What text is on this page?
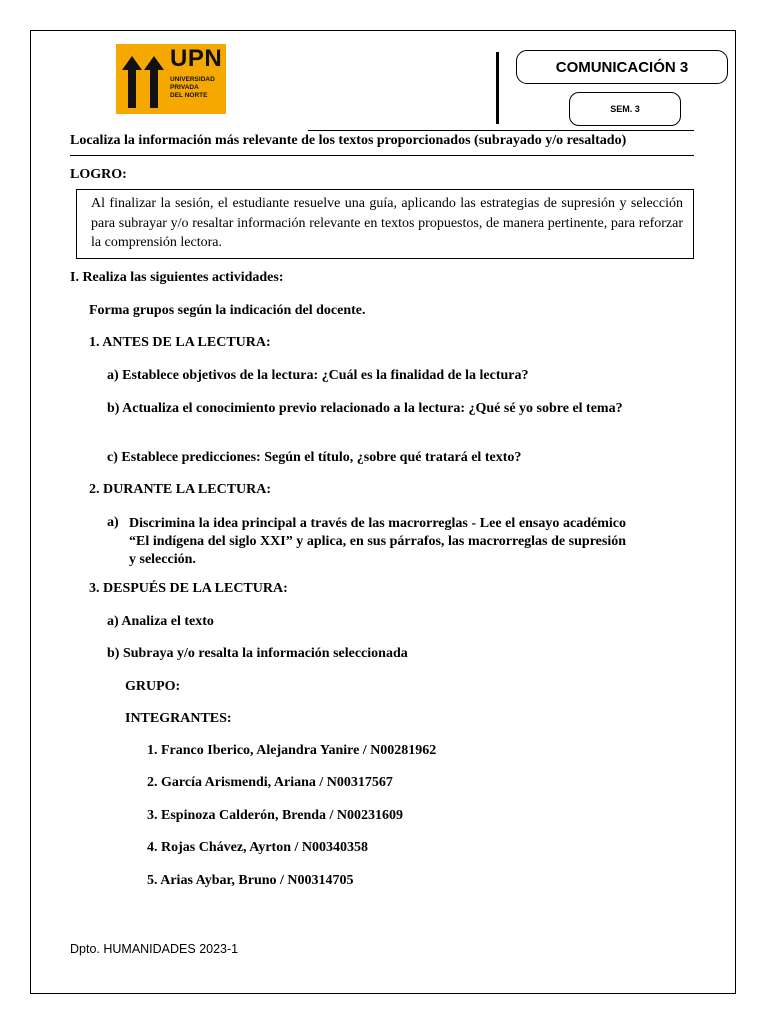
UPN
UNIVERSIDAD
PRIVADA
DEL NORTE
COMUNICACIÓN 3
SEM. 3
Localiza la información más relevante de los textos proporcionados (subrayado y/o resaltado)
LOGRO:
Al finalizar la sesión, el estudiante resuelve una guía, aplicando las estrategias de supresión y selección para subrayar y/o resaltar información relevante en textos propuestos, de manera pertinente, para reforzar la comprensión lectora.
I. Realiza las siguientes actividades:
Forma grupos según la indicación del docente.
1. ANTES DE LA LECTURA:
a) Establece objetivos de la lectura: ¿Cuál es la finalidad de la lectura?
b) Actualiza el conocimiento previo relacionado a la lectura: ¿Qué sé yo sobre el tema?
c) Establece predicciones: Según el título, ¿sobre qué tratará el texto?
2. DURANTE LA LECTURA:
a) Discrimina la idea principal a través de las macrorreglas - Lee el ensayo académico “El indígena del siglo XXI” y aplica, en sus párrafos, las macrorreglas de supresión y selección.
3. DESPUÉS DE LA LECTURA:
a) Analiza el texto
b) Subraya y/o resalta la información seleccionada
GRUPO:
INTEGRANTES:
1. Franco Iberico, Alejandra Yanire / N00281962
2. García Arismendi, Ariana / N00317567
3. Espinoza Calderón, Brenda / N00231609
4. Rojas Chávez, Ayrton / N00340358
5. Arias Aybar, Bruno / N00314705
Dpto. HUMANIDADES 2023-1
